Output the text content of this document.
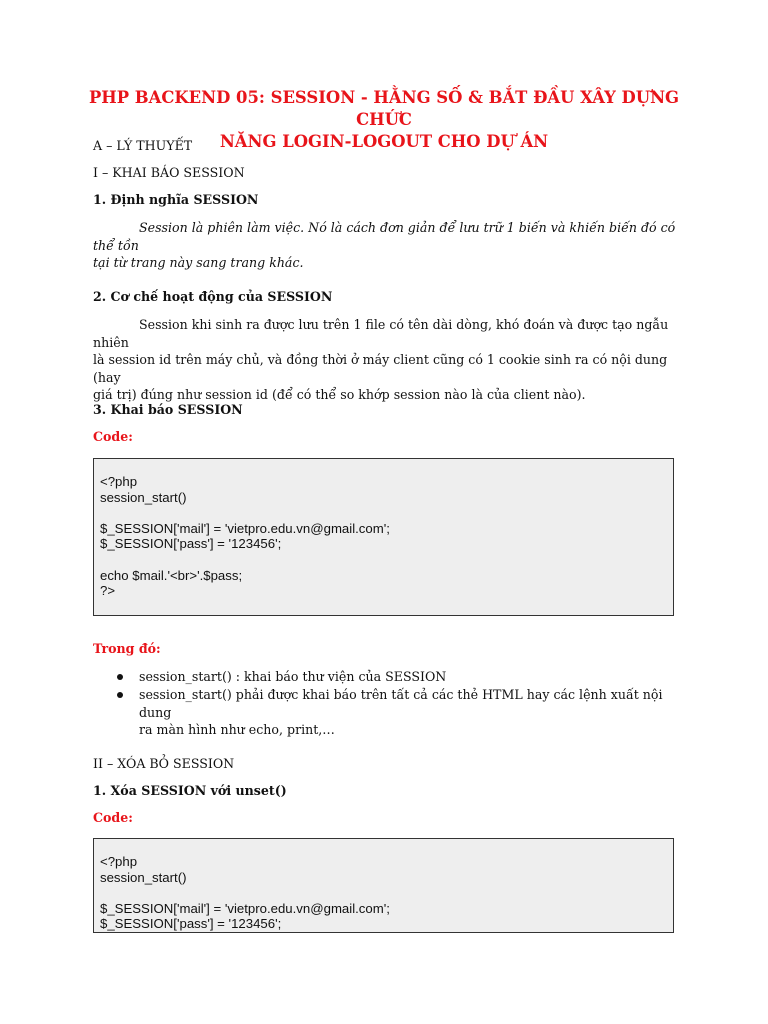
PHP BACKEND 05: SESSION - HẰNG SỐ & BẮT ĐẦU XÂY DỰNG CHỨC
NĂNG LOGIN-LOGOUT CHO DỰ ÁN

A – LÝ THUYẾT

I – KHAI BÁO SESSION

1. Định nghĩa SESSION

Session là phiên làm việc. Nó là cách đơn giản để lưu trữ 1 biến và khiến biến đó có thể tồn
tại từ trang này sang trang khác.

2. Cơ chế hoạt động của SESSION

Session khi sinh ra được lưu trên 1 file có tên dài dòng, khó đoán và được tạo ngẫu nhiên
là session id trên máy chủ, và đồng thời ở máy client cũng có 1 cookie sinh ra có nội dung (hay
giá trị) đúng như session id (để có thể so khớp session nào là của client nào).

3. Khai báo SESSION

Code:

<?php
session_start()
$_SESSION['mail'] = 'vietpro.edu.vn@gmail.com';
$_SESSION['pass'] = '123456';
echo $mail.'<br>'.$pass;
?>

Trong đó:

session_start() : khai báo thư viện của SESSION
session_start() phải được khai báo trên tất cả các thẻ HTML hay các lệnh xuất nội dung
ra màn hình như echo, print,…

II – XÓA BỎ SESSION

1. Xóa SESSION với unset()

Code:

<?php
session_start()
$_SESSION['mail'] = 'vietpro.edu.vn@gmail.com';
$_SESSION['pass'] = '123456';
